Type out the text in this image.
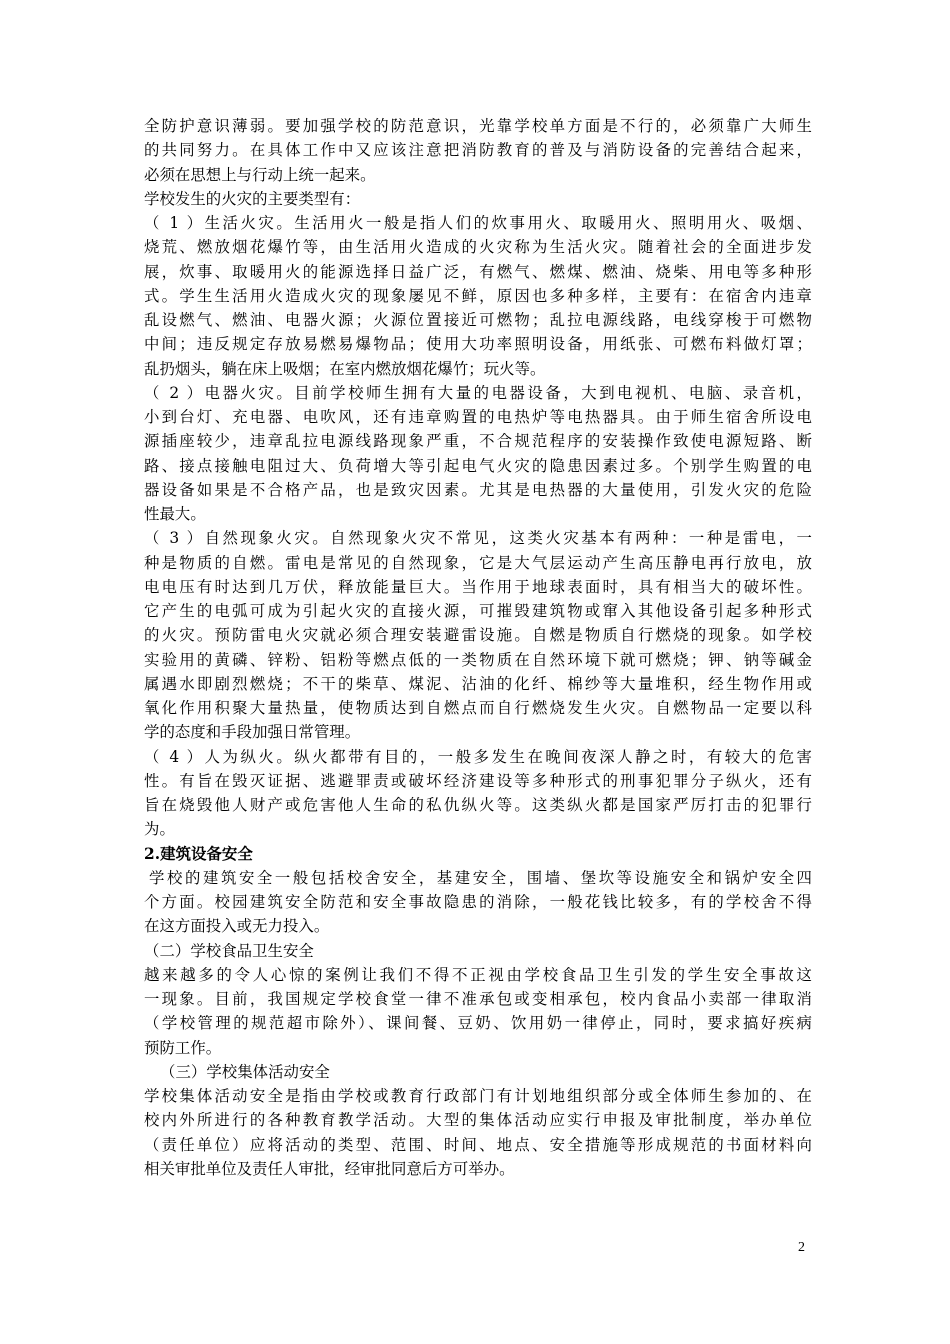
全防护意识薄弱。要加强学校的防范意识，光靠学校单方面是不行的，必须靠广大师生
的共同努力。在具体工作中又应该注意把消防教育的普及与消防设备的完善结合起来，
必须在思想上与行动上统一起来。
学校发生的火灾的主要类型有：
（ 1 ）生活火灾。生活用火一般是指人们的炊事用火、取暖用火、照明用火、吸烟、
烧荒、燃放烟花爆竹等，由生活用火造成的火灾称为生活火灾。随着社会的全面进步发
展，炊事、取暖用火的能源选择日益广泛，有燃气、燃煤、燃油、烧柴、用电等多种形
式。学生生活用火造成火灾的现象屡见不鲜，原因也多种多样，主要有：在宿舍内违章
乱设燃气、燃油、电器火源；火源位置接近可燃物；乱拉电源线路，电线穿梭于可燃物
中间；违反规定存放易燃易爆物品；使用大功率照明设备，用纸张、可燃布料做灯罩；
乱扔烟头，躺在床上吸烟；在室内燃放烟花爆竹；玩火等。
（ 2 ）电器火灾。目前学校师生拥有大量的电器设备，大到电视机、电脑、录音机，
小到台灯、充电器、电吹风，还有违章购置的电热炉等电热器具。由于师生宿舍所设电
源插座较少，违章乱拉电源线路现象严重，不合规范程序的安装操作致使电源短路、断
路、接点接触电阻过大、负荷增大等引起电气火灾的隐患因素过多。个别学生购置的电
器设备如果是不合格产品，也是致灾因素。尤其是电热器的大量使用，引发火灾的危险
性最大。
（ 3 ）自然现象火灾。自然现象火灾不常见，这类火灾基本有两种：一种是雷电，一
种是物质的自燃。雷电是常见的自然现象，它是大气层运动产生高压静电再行放电，放
电电压有时达到几万伏，释放能量巨大。当作用于地球表面时，具有相当大的破坏性。
它产生的电弧可成为引起火灾的直接火源，可摧毁建筑物或窜入其他设备引起多种形式
的火灾。预防雷电火灾就必须合理安装避雷设施。自燃是物质自行燃烧的现象。如学校
实验用的黄磷、锌粉、铝粉等燃点低的一类物质在自然环境下就可燃烧；钾、钠等碱金
属遇水即剧烈燃烧；不干的柴草、煤泥、沾油的化纤、棉纱等大量堆积，经生物作用或
氧化作用积聚大量热量，使物质达到自燃点而自行燃烧发生火灾。自燃物品一定要以科
学的态度和手段加强日常管理。
（ 4 ）人为纵火。纵火都带有目的，一般多发生在晚间夜深人静之时，有较大的危害
性。有旨在毁灭证据、逃避罪责或破坏经济建设等多种形式的刑事犯罪分子纵火，还有
旨在烧毁他人财产或危害他人生命的私仇纵火等。这类纵火都是国家严厉打击的犯罪行
为。
2.建筑设备安全
学校的建筑安全一般包括校舍安全，基建安全，围墙、堡坎等设施安全和锅炉安全四
个方面。校园建筑安全防范和安全事故隐患的消除，一般花钱比较多，有的学校舍不得
在这方面投入或无力投入。
（二）学校食品卫生安全
越来越多的令人心惊的案例让我们不得不正视由学校食品卫生引发的学生安全事故这
一现象。目前，我国规定学校食堂一律不准承包或变相承包，校内食品小卖部一律取消
（学校管理的规范超市除外）、课间餐、豆奶、饮用奶一律停止，同时，要求搞好疾病
预防工作。
（三）学校集体活动安全
学校集体活动安全是指由学校或教育行政部门有计划地组织部分或全体师生参加的、在
校内外所进行的各种教育教学活动。大型的集体活动应实行申报及审批制度，举办单位
（责任单位）应将活动的类型、范围、时间、地点、安全措施等形成规范的书面材料向
相关审批单位及责任人审批，经审批同意后方可举办。
2
